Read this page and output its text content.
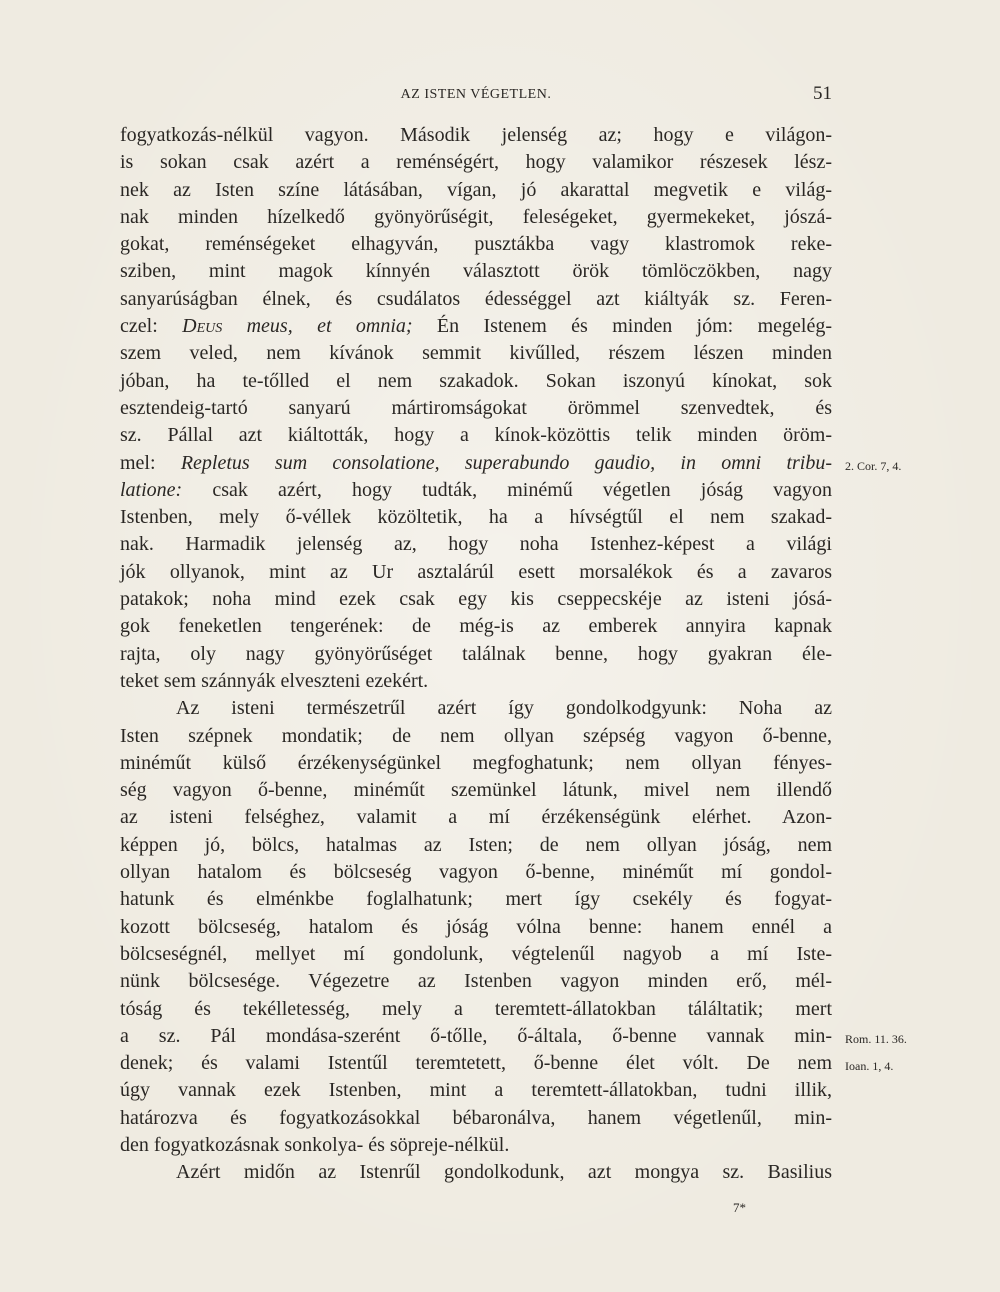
AZ ISTEN VÉGETLEN.	51
fogyatkozás-nélkül vagyon. Második jelenség az; hogy e világon-
is sokan csak azért a reménségért, hogy valamikor részesek lész-
nek az Isten színe látásában, vígan, jó akarattal megvetik e világ-
nak minden hízelkedő gyönyörűségit, feleségeket, gyermekeket, jószá-
gokat, reménségeket elhagyván, pusztákba vagy klastromok reke-
sziben, mint magok kínnyén választott örök tömlöczökben, nagy
sanyarúságban élnek, és csudálatos édességgel azt kiáltyák sz. Feren-
czel: Deus meus, et omnia; Én Istenem és minden jóm: megelég-
szem veled, nem kívánok semmit kivűlled, részem lészen minden
jóban, ha te-tőlled el nem szakadok. Sokan iszonyú kínokat, sok
esztendeig-tartó sanyarú mártiromságokat örömmel szenvedtek, és
sz. Pállal azt kiáltották, hogy a kínok-közöttis telik minden öröm-
mel: Repletus sum consolatione, superabundo gaudio, in omni tribu-
latione: csak azért, hogy tudták, minémű végetlen jóság vagyon
Istenben, mely ő-véllek közöltetik, ha a hívségtűl el nem szakad-
nak. Harmadik jelenség az, hogy noha Istenhez-képest a világi
jók ollyanok, mint az Ur asztalárúl esett morsalékok és a zavaros
patakok; noha mind ezek csak egy kis cseppecskéje az isteni jósá-
gok feneketlen tengerének: de még-is az emberek annyira kapnak
rajta, oly nagy gyönyörűséget találnak benne, hogy gyakran éle-
teket sem szánnyák elveszteni ezekért.
Az isteni természetrűl azért így gondolkodgyunk: Noha az
Isten szépnek mondatik; de nem ollyan szépség vagyon ő-benne,
minéműt külső érzékenységünkel megfoghatunk; nem ollyan fényes-
ség vagyon ő-benne, minéműt szemünkel látunk, mivel nem illendő
az isteni felséghez, valamit a mí érzékenségünk elérhet. Azon-
képpen jó, bölcs, hatalmas az Isten; de nem ollyan jóság, nem
ollyan hatalom és bölcseség vagyon ő-benne, minéműt mí gondol-
hatunk és elménkbe foglalhatunk; mert így csekély és fogyat-
kozott bölcseség, hatalom és jóság vólna benne: hanem ennél a
bölcseségnél, mellyet mí gondolunk, végtelenűl nagyob a mí Iste-
nünk bölcsesége. Végezetre az Istenben vagyon minden erő, mél-
tóság és tekélletesség, mely a teremtett-állatokban táláltatik; mert
a sz. Pál mondása-szerént ő-tőlle, ő-általa, ő-benne vannak min-
denek; és valami Istentűl teremtetett, ő-benne élet vólt. De nem
úgy vannak ezek Istenben, mint a teremtett-állatokban, tudni illik,
határozva és fogyatkozásokkal bébaronálva, hanem végetlenűl, min-
den fogyatkozásnak sonkolya- és söpreje-nélkül.
Azért midőn az Istenrűl gondolkodunk, azt mongya sz. Basilius
2. Cor. 7, 4.
Rom. 11. 36.
Ioan. 1, 4.
7*
